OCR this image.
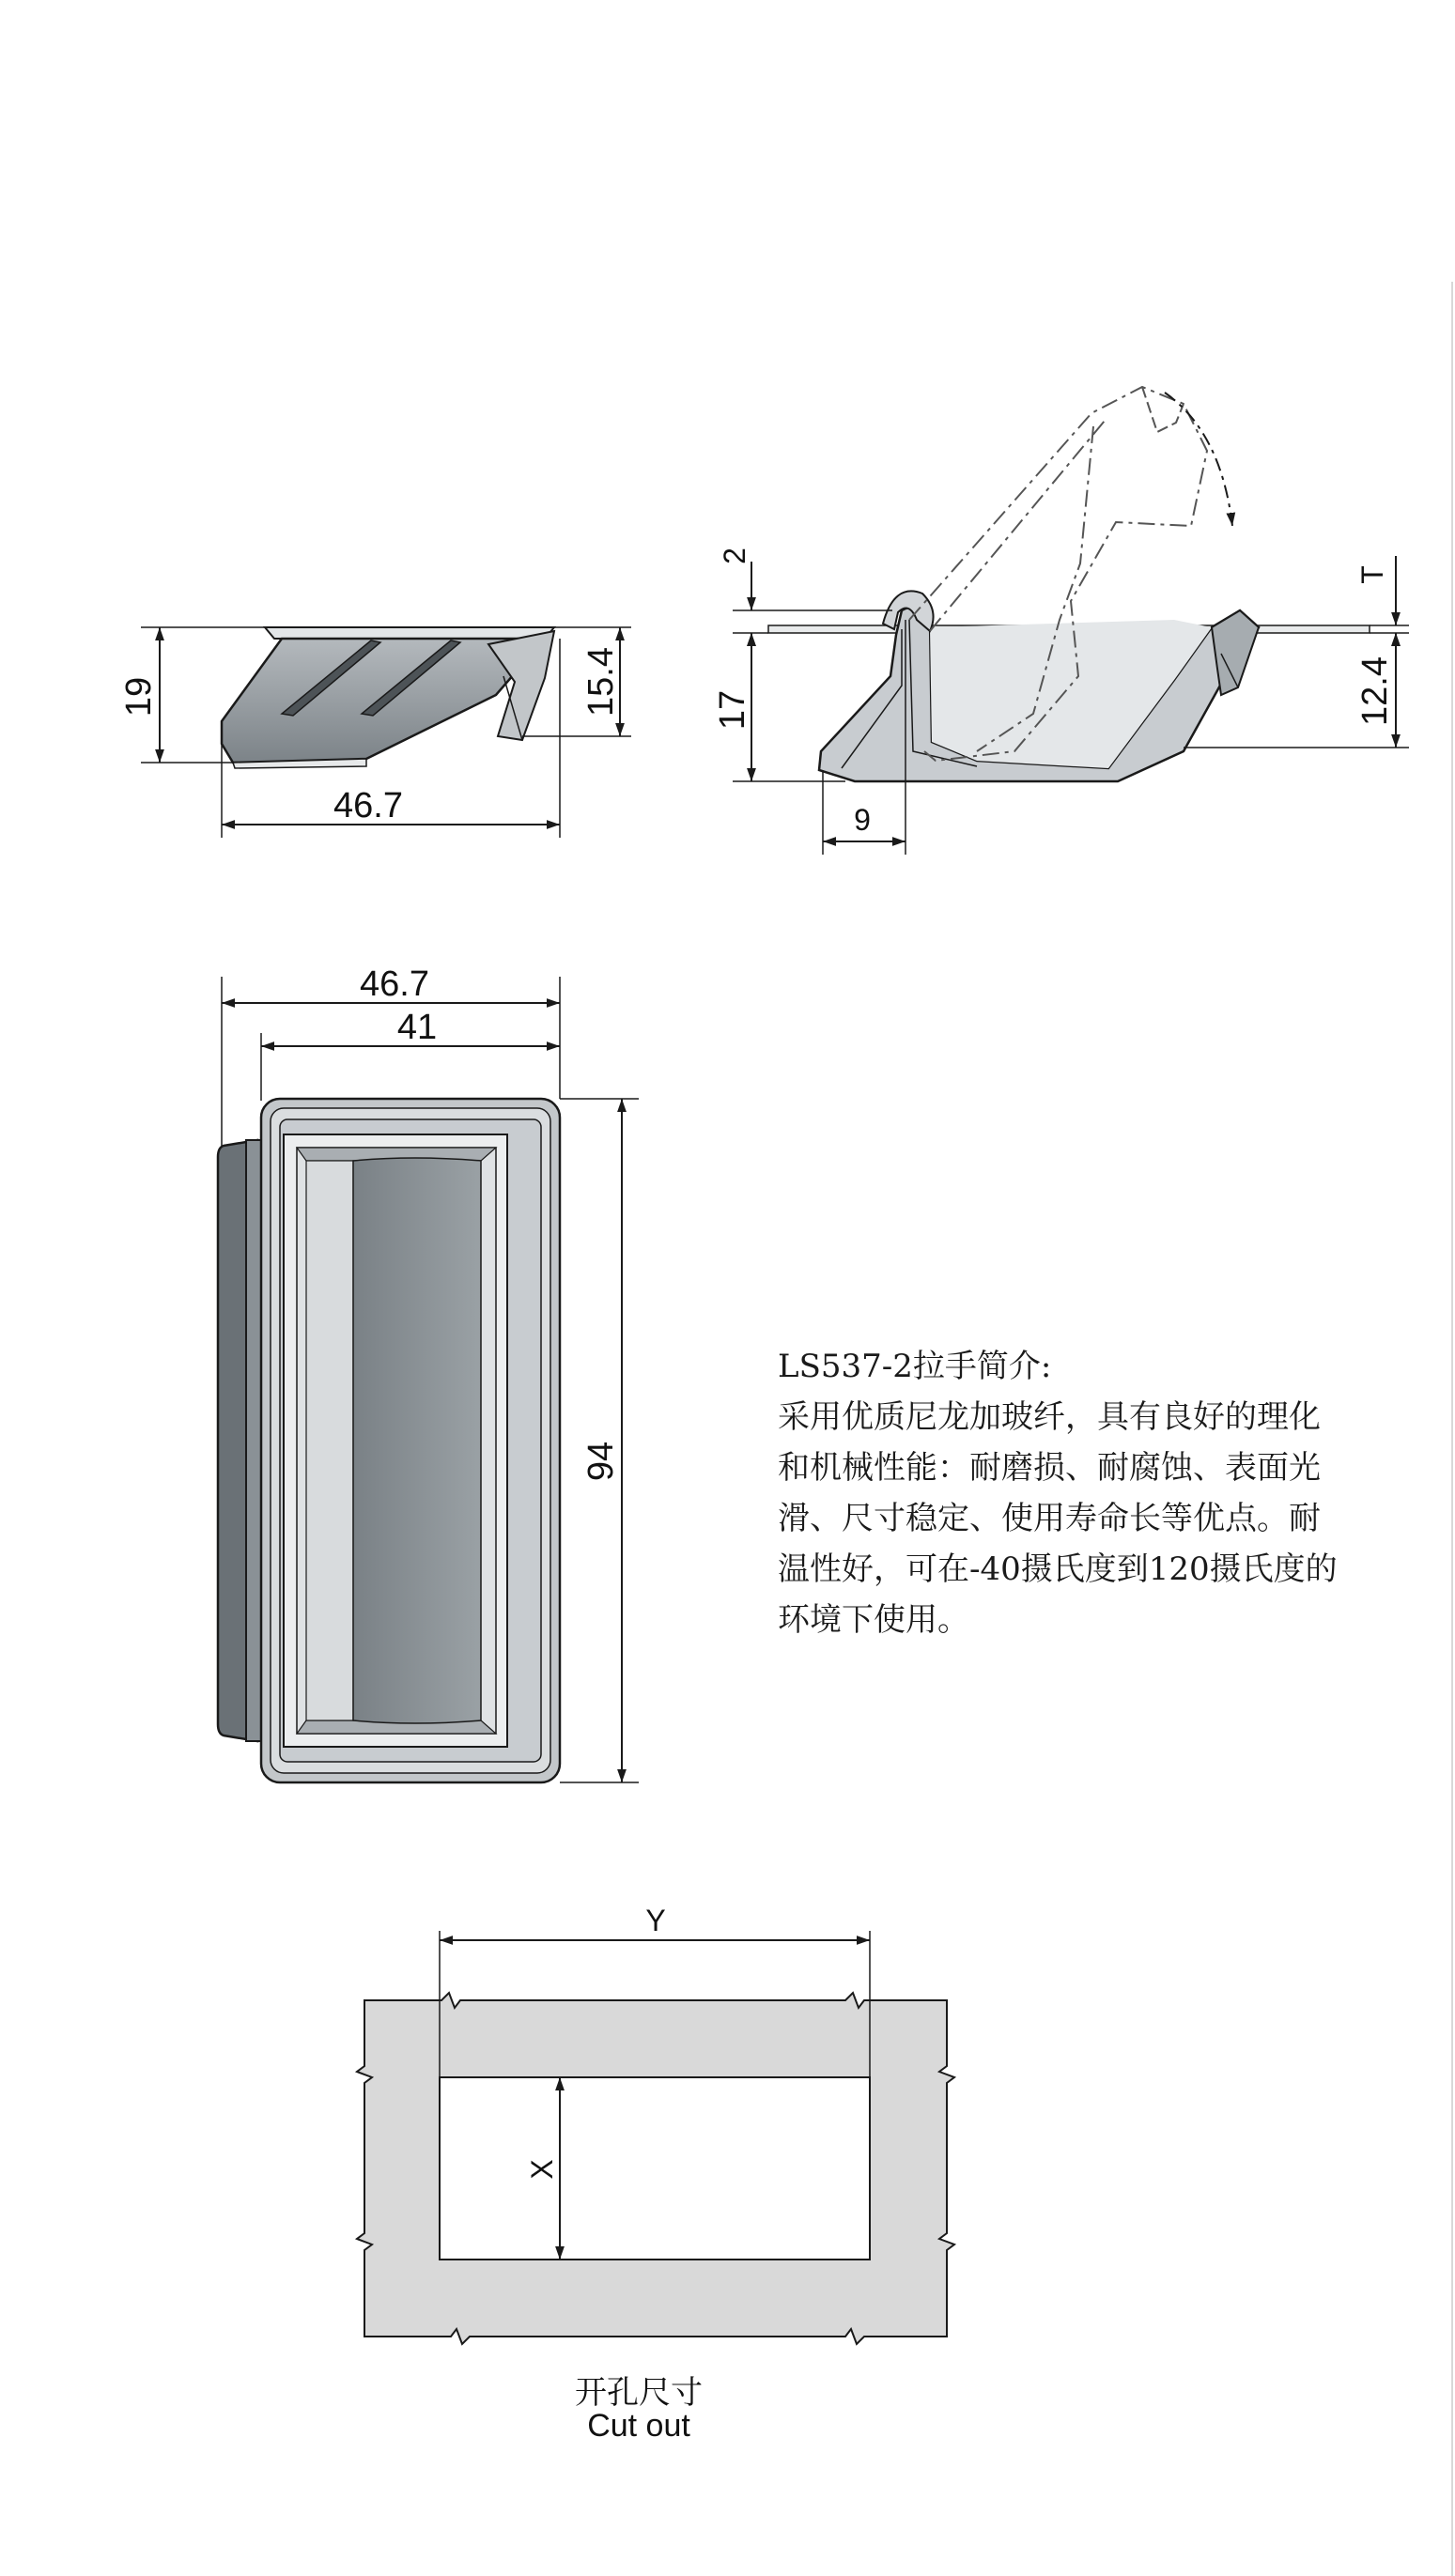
19	15.4
46.7
2
17
9
T
12.4
46.7
41
94
Y
X

LS537-2拉手简介:

采用优质尼龙加玻纤，具有良好的理化

和机械性能：耐磨损、耐腐蚀、表面光

滑、尺寸稳定、使用寿命长等优点。耐

温性好，可在-40摄氏度到120摄氏度的

环境下使用。

开孔尺寸
Cut out
